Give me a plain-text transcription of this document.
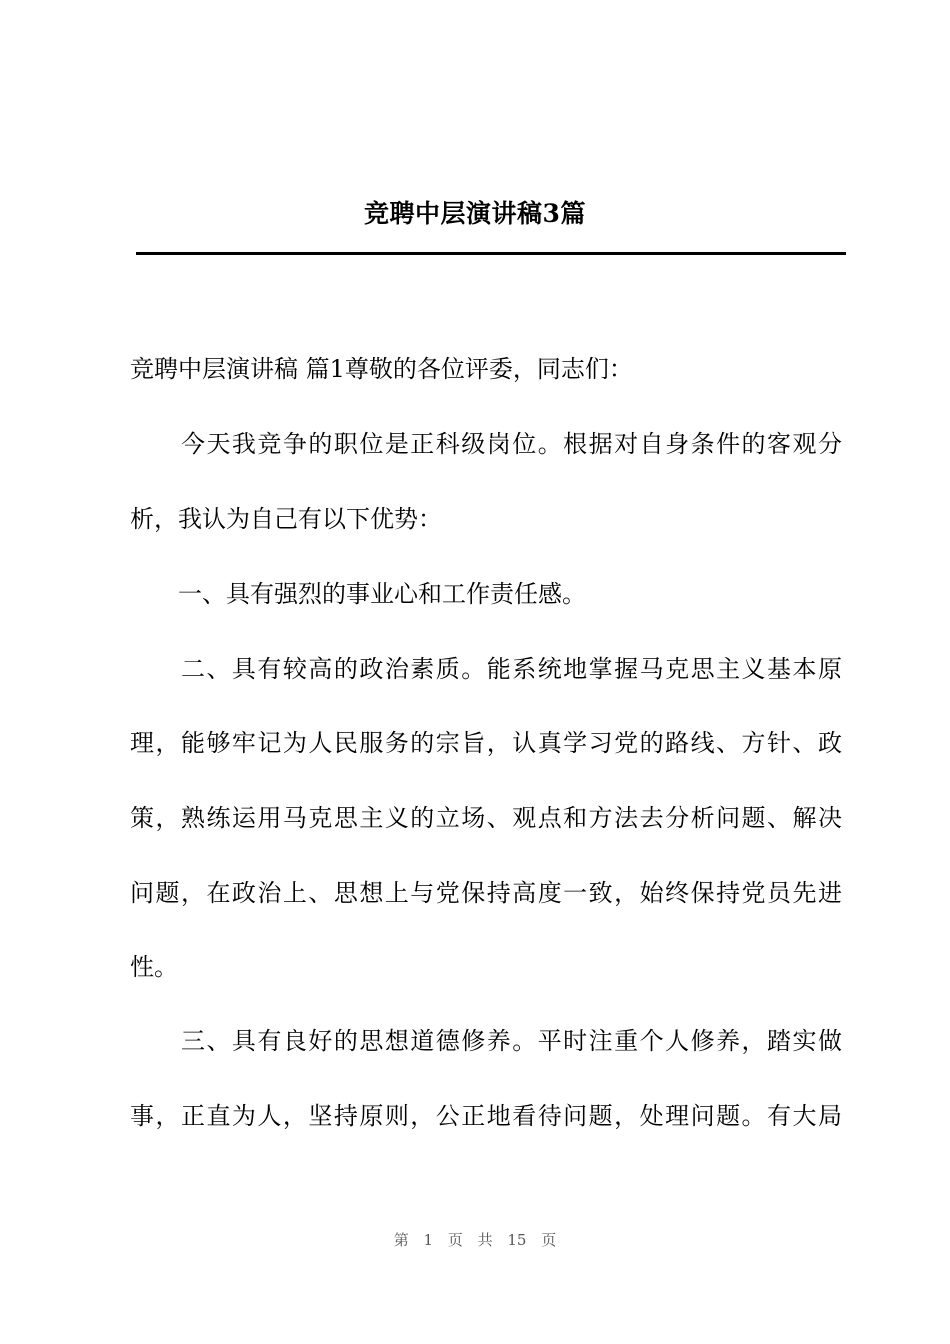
竞聘中层演讲稿3篇
竞聘中层演讲稿 篇1尊敬的各位评委，同志们：
　　今天我竞争的职位是正科级岗位。根据对自身条件的客观分
析，我认为自己有以下优势：
　　一、具有强烈的事业心和工作责任感。
　　二、具有较高的政治素质。能系统地掌握马克思主义基本原
理，能够牢记为人民服务的宗旨，认真学习党的路线、方针、政
策，熟练运用马克思主义的立场、观点和方法去分析问题、解决
问题，在政治上、思想上与党保持高度一致，始终保持党员先进
性。
　　三、具有良好的思想道德修养。平时注重个人修养，踏实做
事，正直为人，坚持原则，公正地看待问题，处理问题。有大局
第 1 页 共 15 页
